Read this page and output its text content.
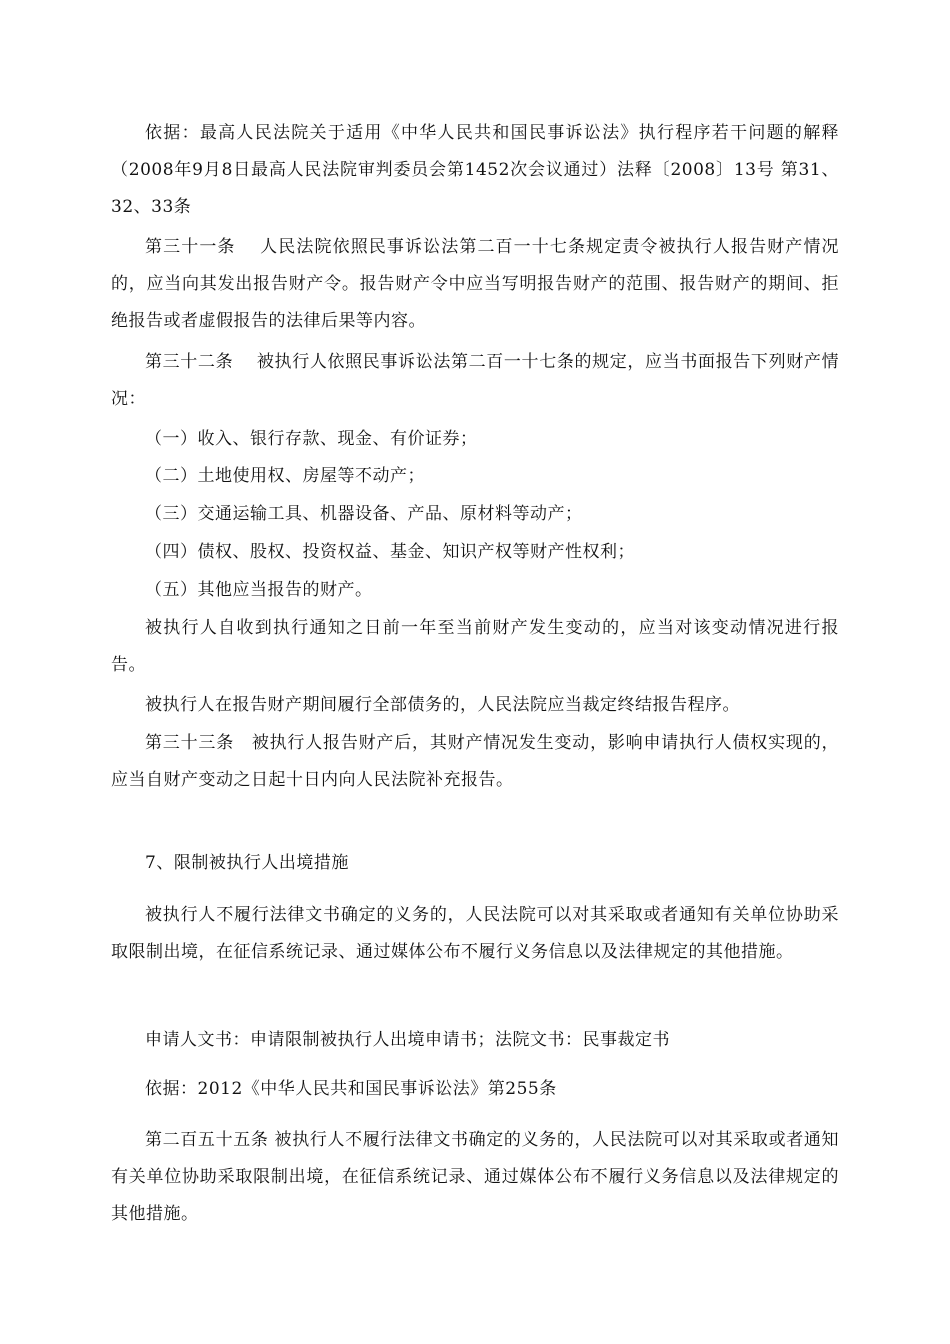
依据：最高人民法院关于适用《中华人民共和国民事诉讼法》执行程序若干问题的解释（2008年9月8日最高人民法院审判委员会第1452次会议通过）法释〔2008〕13号 第31、32、33条

第三十一条　 人民法院依照民事诉讼法第二百一十七条规定责令被执行人报告财产情况的，应当向其发出报告财产令。报告财产令中应当写明报告财产的范围、报告财产的期间、拒绝报告或者虚假报告的法律后果等内容。

第三十二条　 被执行人依照民事诉讼法第二百一十七条的规定，应当书面报告下列财产情况：

（一）收入、银行存款、现金、有价证券；

（二）土地使用权、房屋等不动产；

（三）交通运输工具、机器设备、产品、原材料等动产；

（四）债权、股权、投资权益、基金、知识产权等财产性权利；

（五）其他应当报告的财产。

被执行人自收到执行通知之日前一年至当前财产发生变动的，应当对该变动情况进行报告。

被执行人在报告财产期间履行全部债务的，人民法院应当裁定终结报告程序。

第三十三条　被执行人报告财产后，其财产情况发生变动，影响申请执行人债权实现的，应当自财产变动之日起十日内向人民法院补充报告。

7、限制被执行人出境措施

被执行人不履行法律文书确定的义务的，人民法院可以对其采取或者通知有关单位协助采取限制出境，在征信系统记录、通过媒体公布不履行义务信息以及法律规定的其他措施。

申请人文书：申请限制被执行人出境申请书；法院文书：民事裁定书

依据：2012《中华人民共和国民事诉讼法》第255条

第二百五十五条 被执行人不履行法律文书确定的义务的，人民法院可以对其采取或者通知有关单位协助采取限制出境，在征信系统记录、通过媒体公布不履行义务信息以及法律规定的其他措施。
